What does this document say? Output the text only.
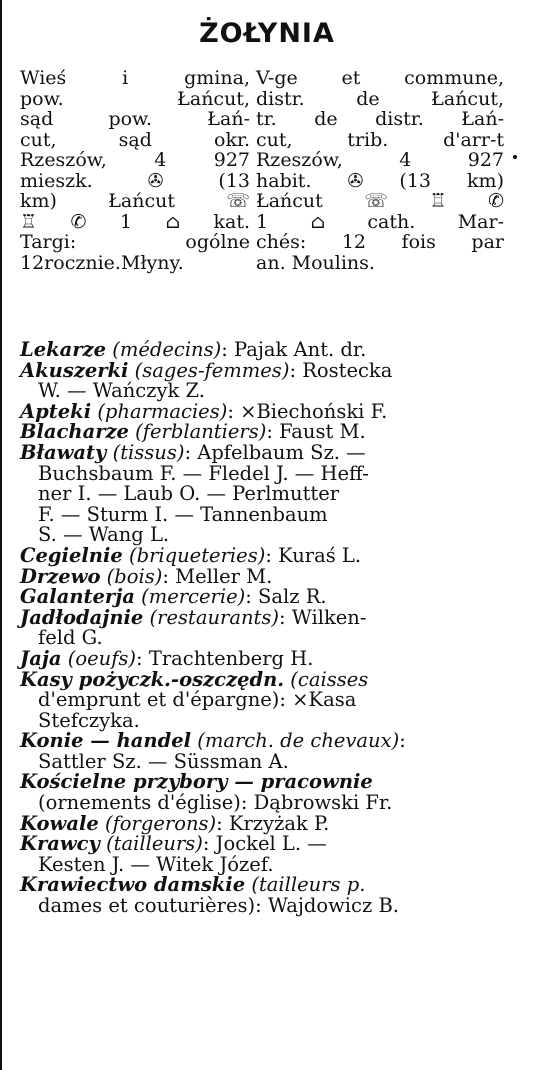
ŻOŁYNIA
Wieś i gmina,
pow. Łańcut,
sąd pow. Łań-
cut, sąd okr.
Rzeszów, 4 927
mieszk. ✇ (13
km) Łańcut ☏
♖ ✆ 1 ⌂ kat.
Targi: ogólne
12rocznie.Młyny.
V-ge et commune,
distr. de Łańcut,
tr. de distr. Łań-
cut, trib. d'arr-t
Rzeszów, 4 927
habit. ✇ (13 km)
Łańcut ☏ ♖ ✆
1 ⌂ cath. Mar-
chés: 12 fois par
an. Moulins.
Lekarze (médecins): Pajak Ant. dr.
Akuszerki (sages-femmes): Rostecka
W. — Wańczyk Z.
Apteki (pharmacies): ×Biechoński F.
Blacharze (ferblantiers): Faust M.
Bławaty (tissus): Apfelbaum Sz. —
Buchsbaum F. — Fledel J. — Heff-
ner I. — Laub O. — Perlmutter
F. — Sturm I. — Tannenbaum
S. — Wang L.
Cegielnie (briqueteries): Kuraś L.
Drzewo (bois): Meller M.
Galanterja (mercerie): Salz R.
Jadłodajnie (restaurants): Wilken-
feld G.
Jaja (oeufs): Trachtenberg H.
Kasy pożyczk.-oszczędn. (caisses
d'emprunt et d'épargne): ×Kasa
Stefczyka.
Konie — handel (march. de chevaux):
Sattler Sz. — Süssman A.
Kościelne przybory — pracownie
(ornements d'église): Dąbrowski Fr.
Kowale (forgerons): Krzyżak P.
Krawcy (tailleurs): Jockel L. —
Kesten J. — Witek Józef.
Krawiectwo damskie (tailleurs p.
dames et couturières): Wajdowicz B.
